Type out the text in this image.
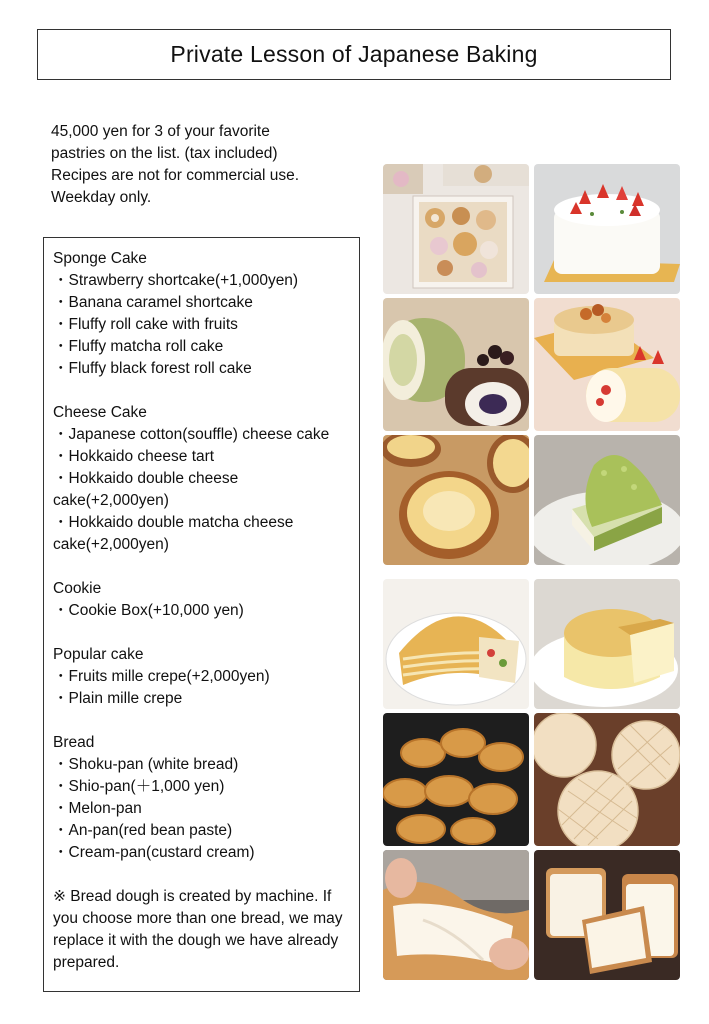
Private Lesson of Japanese Baking
45,000 yen for 3 of your favorite
pastries on the list. (tax included)
Recipes are not for commercial use.
Weekday only.
Sponge Cake
・Strawberry shortcake(+1,000yen)
・Banana caramel shortcake
・Fluffy roll cake with fruits
・Fluffy matcha roll cake
・Fluffy black forest roll cake
Cheese Cake
・Japanese cotton(souffle) cheese cake
・Hokkaido cheese tart
・Hokkaido double cheese cake(+2,000yen)
・Hokkaido double matcha cheese cake(+2,000yen)
Cookie
・Cookie Box(+10,000 yen)
Popular cake
・Fruits mille crepe(+2,000yen)
・Plain mille crepe
Bread
・Shoku-pan (white bread)
・Shio-pan(＋1,000 yen)
・Melon-pan
・An-pan(red bean paste)
・Cream-pan(custard cream)
※ Bread dough is created by machine. If you choose more than one bread, we may replace it with the dough we have already prepared.
